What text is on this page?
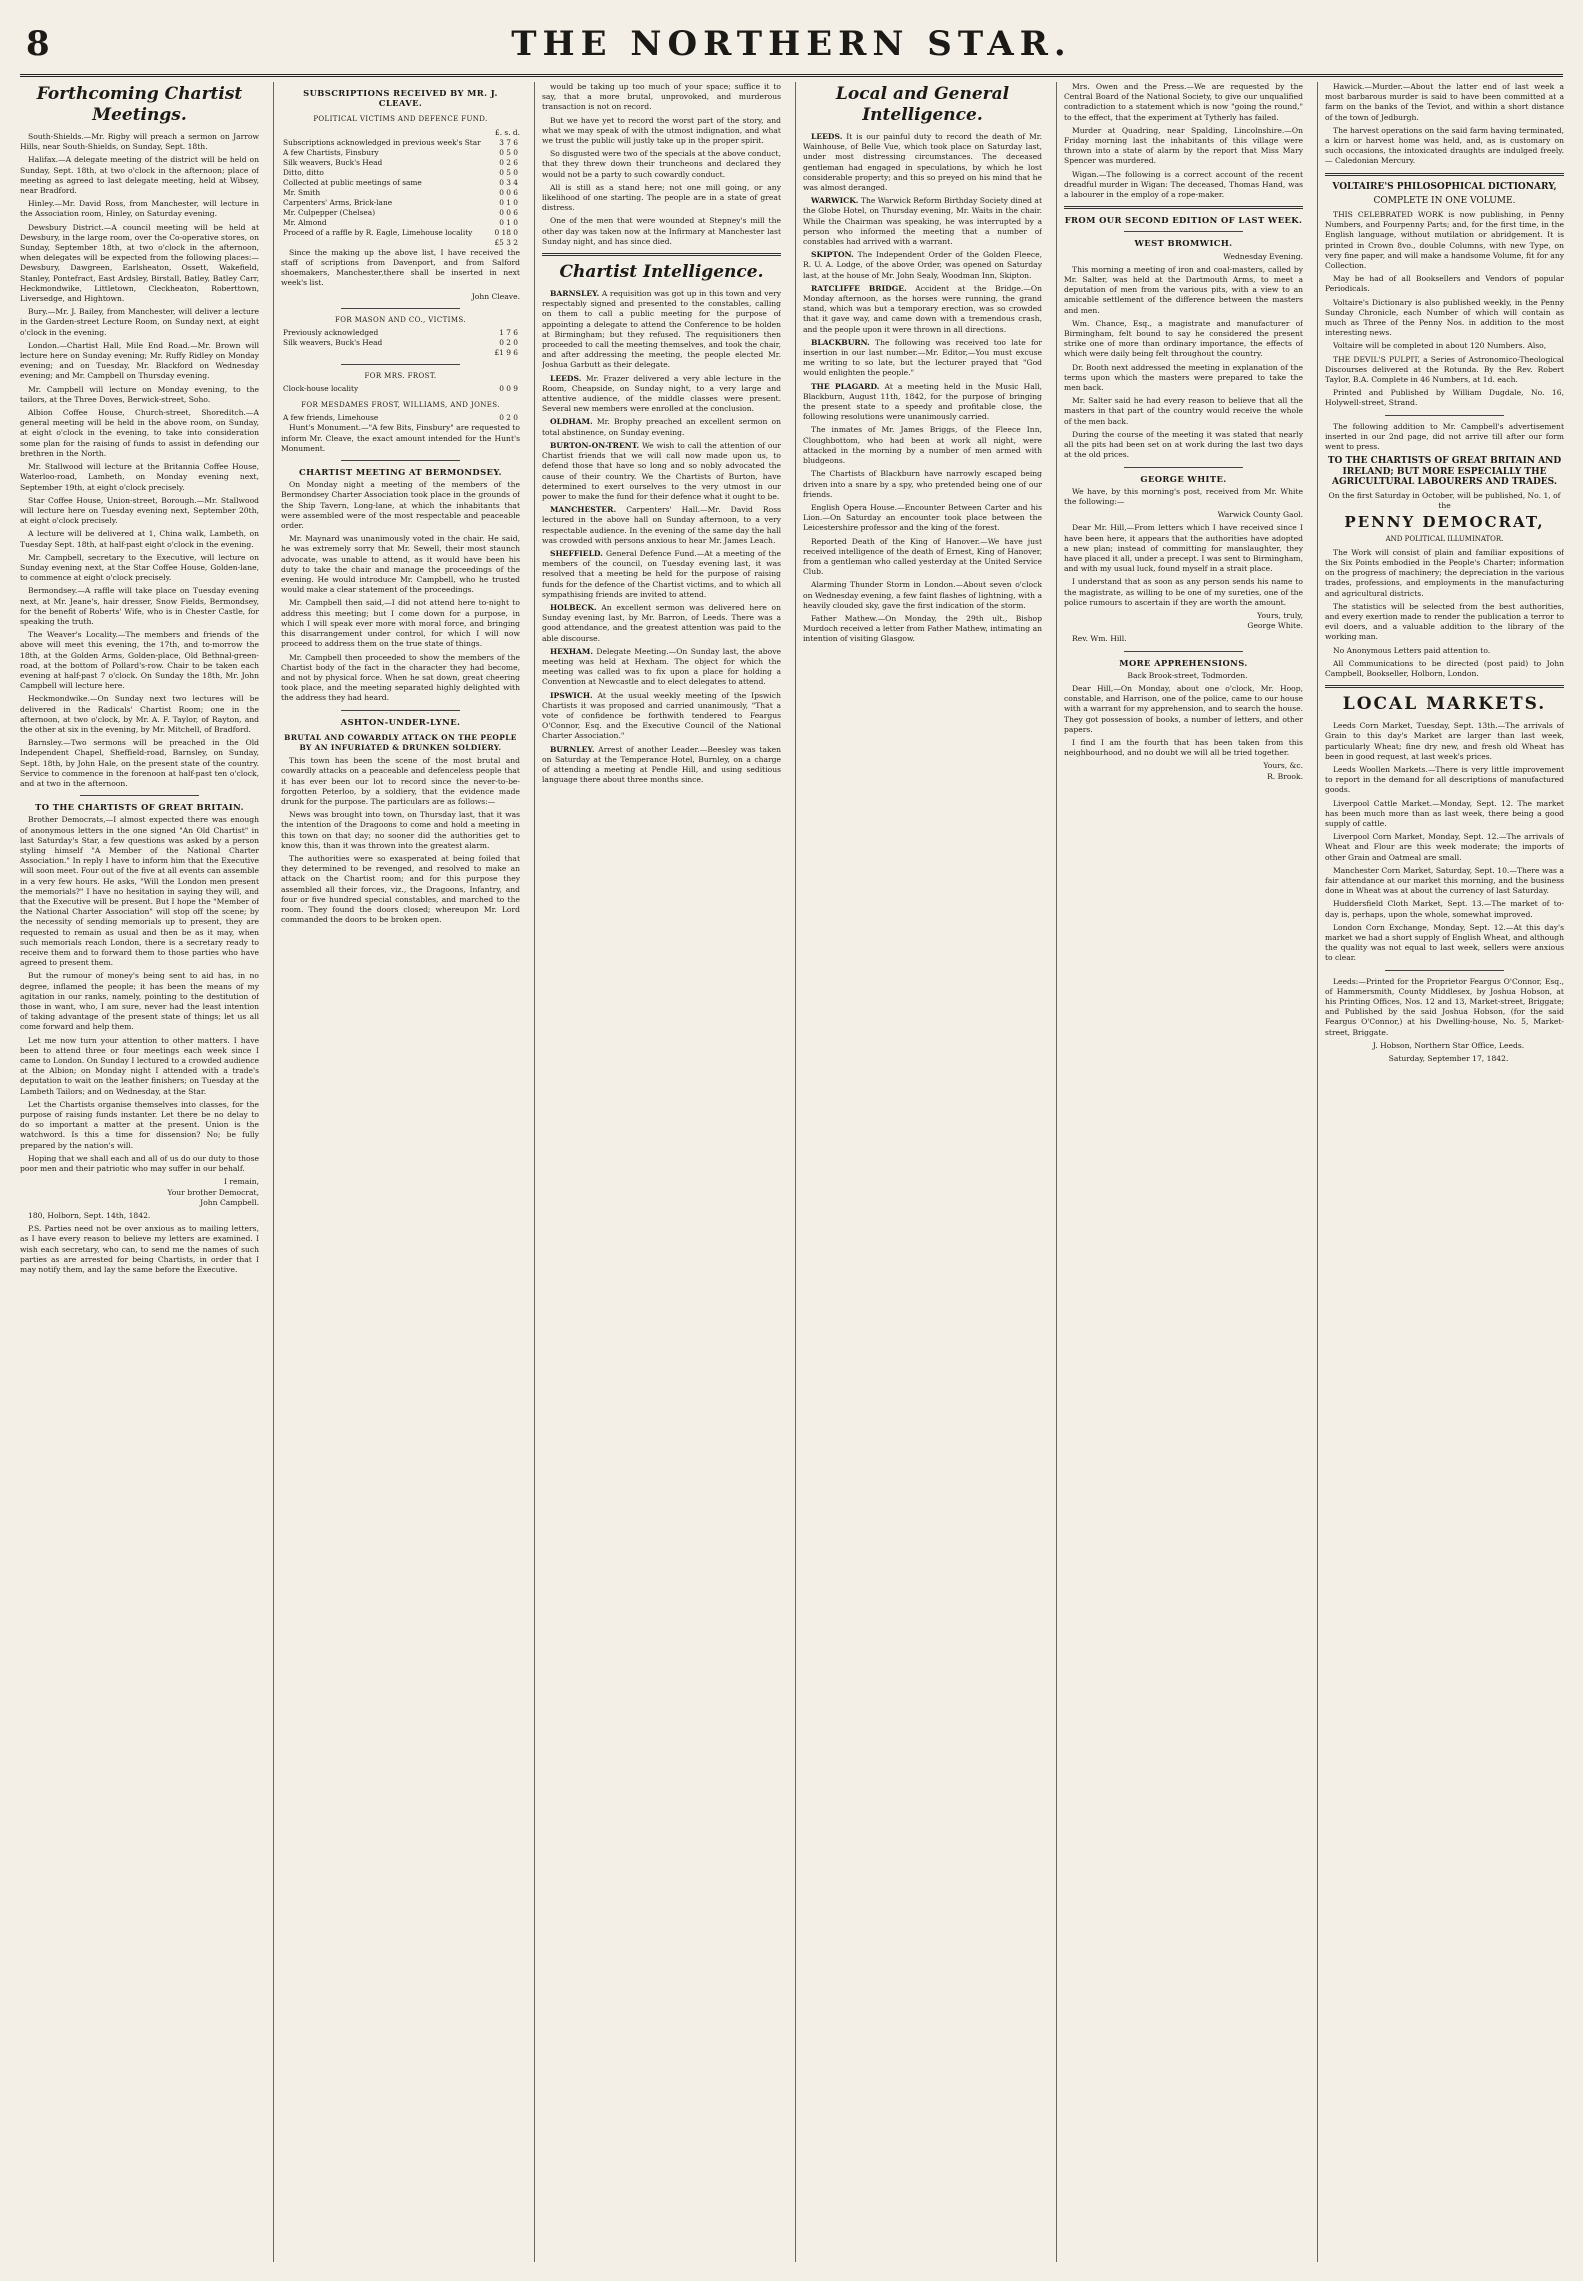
8	THE NORTHERN STAR.
Forthcoming Chartist Meetings.

South-Shields.—Mr. Rigby will preach a sermon on Jarrow Hills, near South-Shields, on Sunday, Sept. 18th.

Halifax.—A delegate meeting of the district will be held on Sunday, Sept. 18th, at two o'clock in the afternoon; place of meeting as agreed to last delegate meeting, held at Wibsey, near Bradford.

Hinley.—Mr. David Ross, from Manchester, will lecture in the Association room, Hinley, on Saturday evening.

Dewsbury District.—A council meeting will be held at Dewsbury, in the large room, over the Co-operative stores, on Sunday, September 18th, at two o'clock in the afternoon, when delegates will be expected from the following places:—Dewsbury, Dawgreen, Earlsheaton, Ossett, Wakefield, Stanley, Pontefract, East Ardsley, Birstall, Batley, Batley Carr, Heckmondwike, Littletown, Cleckheaton, Roberttown, Liversedge, and Hightown.

Bury.—Mr. J. Bailey, from Manchester, will deliver a lecture in the Garden-street Lecture Room, on Sunday next, at eight o'clock in the evening.

London.—Chartist Hall, Mile End Road.—Mr. Brown will lecture here on Sunday evening; Mr. Ruffy Ridley on Monday evening; and on Tuesday, Mr. Blackford on Wednesday evening; and Mr. Campbell on Thursday evening.

Mr. Campbell will lecture on Monday evening, to the tailors, at the Three Doves, Berwick-street, Soho.

Albion Coffee House, Church-street, Shoreditch.—A general meeting will be held in the above room, on Sunday, at eight o'clock in the evening, to take into consideration some plan for the raising of funds to assist in defending our brethren in the North.

Mr. Stallwood will lecture at the Britannia Coffee House, Waterloo-road, Lambeth, on Monday evening next, September 19th, at eight o'clock precisely.

Star Coffee House, Union-street, Borough.—Mr. Stallwood will lecture here on Tuesday evening next, September 20th, at eight o'clock precisely.

A lecture will be delivered at 1, China walk, Lambeth, on Tuesday Sept. 18th, at half-past eight o'clock in the evening.

Mr. Campbell, secretary to the Executive, will lecture on Sunday evening next, at the Star Coffee House, Golden-lane, to commence at eight o'clock precisely.

Bermondsey.—A raffle will take place on Tuesday evening next, at Mr. Jeane's, hair dresser, Snow Fields, Bermondsey, for the benefit of Roberts' Wife, who is in Chester Castle, for speaking the truth.

The Weaver's Locality.—The members and friends of the above will meet this evening, the 17th, and to-morrow the 18th, at the Golden Arms, Golden-place, Old Bethnal-green-road, at the bottom of Pollard's-row. Chair to be taken each evening at half-past 7 o'clock. On Sunday the 18th, Mr. John Campbell will lecture here.

Heckmondwike.—On Sunday next two lectures will be delivered in the Radicals' Chartist Room; one in the afternoon, at two o'clock, by Mr. A. F. Taylor, of Rayton, and the other at six in the evening, by Mr. Mitchell, of Bradford.

Barnsley.—Two sermons will be preached in the Old Independent Chapel, Sheffield-road, Barnsley, on Sunday, Sept. 18th, by John Hale, on the present state of the country. Service to commence in the forenoon at half-past ten o'clock, and at two in the afternoon.

TO THE CHARTISTS OF GREAT BRITAIN.

Brother Democrats,—I almost expected there was enough of anonymous letters in the one signed "An Old Chartist" in last Saturday's Star, a few questions was asked by a person styling himself "A Member of the National Charter Association." In reply I have to inform him that the Executive will soon meet. Four out of the five at all events can assemble in a very few hours. He asks, "Will the London men present the memorials?" I have no hesitation in saying they will, and that the Executive will be present. But I hope the "Member of the National Charter Association" will stop off the scene; by the necessity of sending memorials up to present, they are requested to remain as usual and then be as it may, when such memorials reach London, there is a secretary ready to receive them and to forward them to those parties who have agreed to present them.

But the rumour of money's being sent to aid has, in no degree, inflamed the people; it has been the means of my agitation in our ranks, namely, pointing to the destitution of those in want, who, I am sure, never had the least intention of taking advantage of the present state of things; let us all come forward and help them.

Let me now turn your attention to other matters. I have been to attend three or four meetings each week since I came to London. On Sunday I lectured to a crowded audience at the Albion; on Monday night I attended with a trade's deputation to wait on the leather finishers; on Tuesday at the Lambeth Tailors; and on Wednesday, at the Star.

Let the Chartists organise themselves into classes, for the purpose of raising funds instanter. Let there be no delay to do so important a matter at the present. Union is the watchword. Is this a time for dissension? No; be fully prepared by the nation's will.

Hoping that we shall each and all of us do our duty to those poor men and their patriotic who may suffer in our behalf.

I remain,
Your brother Democrat,
John Campbell.

180, Holborn, Sept. 14th, 1842.

P.S. Parties need not be over anxious as to mailing letters, as I have every reason to believe my letters are examined. I wish each secretary, who can, to send me the names of such parties as are arrested for being Chartists, in order that I may notify them, and lay the same before the Executive.

SUBSCRIPTIONS RECEIVED BY MR. J. CLEAVE.
POLITICAL VICTIMS AND DEFENCE FUND.
£. s. d.
Subscriptions acknowledged in previous week's Star	3 7 6
A few Chartists, Finsbury	0 5 0
Silk weavers, Buck's Head	0 2 6
Ditto, ditto	0 5 0
Collected at public meetings of same	0 3 4
Mr. Smith	0 0 6
Carpenters' Arms, Brick-lane	0 1 0
Mr. Culpepper (Chelsea)	0 0 6
Mr. Almond	0 1 0
Proceed of a raffle by R. Eagle, Limehouse locality	0 18 0
	£5 3 2

Since the making up the above list, I have received the staff of scriptions from Davenport, and from Salford shoemakers, Manchester,there shall be inserted in next week's list.

John Cleave.

FOR MASON AND CO., VICTIMS.
Previously acknowledged	1 7 6
Silk weavers, Buck's Head	0 2 0
	£1 9 6
FOR MRS. FROST.
Clock-house locality	0 0 9
FOR MESDAMES FROST, WILLIAMS, AND JONES.
A few friends, Limehouse	0 2 0

Hunt's Monument.—"A few Bits, Finsbury" are requested to inform Mr. Cleave, the exact amount intended for the Hunt's Monument.

CHARTIST MEETING AT BERMONDSEY.

On Monday night a meeting of the members of the Bermondsey Charter Association took place in the grounds of the Ship Tavern, Long-lane, at which the inhabitants that were assembled were of the most respectable and peaceable order.

Mr. Maynard was unanimously voted in the chair. He said, he was extremely sorry that Mr. Sewell, their most staunch advocate, was unable to attend, as it would have been his duty to take the chair and manage the proceedings of the evening. He would introduce Mr. Campbell, who he trusted would make a clear statement of the proceedings.

Mr. Campbell then said,—I did not attend here to-night to address this meeting; but I come down for a purpose, in which I will speak ever more with moral force, and bringing this disarrangement under control, for which I will now proceed to address them on the true state of things.

Mr. Campbell then proceeded to show the members of the Chartist body of the fact in the character they had become, and not by physical force. When he sat down, great cheering took place, and the meeting separated highly delighted with the address they had heard.

ASHTON-UNDER-LYNE.
BRUTAL AND COWARDLY ATTACK ON THE PEOPLE BY AN INFURIATED & DRUNKEN SOLDIERY.

This town has been the scene of the most brutal and cowardly attacks on a peaceable and defenceless people that it has ever been our lot to record since the never-to-be-forgotten Peterloo, by a soldiery, that the evidence made drunk for the purpose. The particulars are as follows:—

News was brought into town, on Thursday last, that it was the intention of the Dragoons to come and hold a meeting in this town on that day; no sooner did the authorities get to know this, than it was thrown into the greatest alarm.

The authorities were so exasperated at being foiled that they determined to be revenged, and resolved to make an attack on the Chartist room; and for this purpose they assembled all their forces, viz., the Dragoons, Infantry, and four or five hundred special constables, and marched to the room. They found the doors closed; whereupon Mr. Lord commanded the doors to be broken open.

would be taking up too much of your space; suffice it to say, that a more brutal, unprovoked, and murderous transaction is not on record.

But we have yet to record the worst part of the story, and what we may speak of with the utmost indignation, and what we trust the public will justly take up in the proper spirit.

So disgusted were two of the specials at the above conduct, that they threw down their truncheons and declared they would not be a party to such cowardly conduct.

All is still as a stand here; not one mill going, or any likelihood of one starting. The people are in a state of great distress.

One of the men that were wounded at Stepney's mill the other day was taken now at the Infirmary at Manchester last Sunday night, and has since died.

Chartist Intelligence.

BARNSLEY. A requisition was got up in this town and very respectably signed and presented to the constables, calling on them to call a public meeting for the purpose of appointing a delegate to attend the Conference to be holden at Birmingham; but they refused. The requisitioners then proceeded to call the meeting themselves, and took the chair, and after addressing the meeting, the people elected Mr. Joshua Garbutt as their delegate.

LEEDS. Mr. Frazer delivered a very able lecture in the Room, Cheapside, on Sunday night, to a very large and attentive audience, of the middle classes were present. Several new members were enrolled at the conclusion.

OLDHAM. Mr. Brophy preached an excellent sermon on total abstinence, on Sunday evening.

BURTON-ON-TRENT. We wish to call the attention of our Chartist friends that we will call now made upon us, to defend those that have so long and so nobly advocated the cause of their country. We the Chartists of Burton, have determined to exert ourselves to the very utmost in our power to make the fund for their defence what it ought to be.

MANCHESTER. Carpenters' Hall.—Mr. David Ross lectured in the above hall on Sunday afternoon, to a very respectable audience. In the evening of the same day the hall was crowded with persons anxious to hear Mr. James Leach.

SHEFFIELD. General Defence Fund.—At a meeting of the members of the council, on Tuesday evening last, it was resolved that a meeting be held for the purpose of raising funds for the defence of the Chartist victims, and to which all sympathising friends are invited to attend.

HOLBECK. An excellent sermon was delivered here on Sunday evening last, by Mr. Barron, of Leeds. There was a good attendance, and the greatest attention was paid to the able discourse.

HEXHAM. Delegate Meeting.—On Sunday last, the above meeting was held at Hexham. The object for which the meeting was called was to fix upon a place for holding a Convention at Newcastle and to elect delegates to attend.

IPSWICH. At the usual weekly meeting of the Ipswich Chartists it was proposed and carried unanimously, "That a vote of confidence be forthwith tendered to Feargus O'Connor, Esq. and the Executive Council of the National Charter Association."

BURNLEY. Arrest of another Leader.—Beesley was taken on Saturday at the Temperance Hotel, Burnley, on a charge of attending a meeting at Pendle Hill, and using seditious language there about three months since.

Local and General Intelligence.

LEEDS. It is our painful duty to record the death of Mr. Wainhouse, of Belle Vue, which took place on Saturday last, under most distressing circumstances. The deceased gentleman had engaged in speculations, by which he lost considerable property; and this so preyed on his mind that he was almost deranged.

WARWICK. The Warwick Reform Birthday Society dined at the Globe Hotel, on Thursday evening, Mr. Waits in the chair. While the Chairman was speaking, he was interrupted by a person who informed the meeting that a number of constables had arrived with a warrant.

SKIPTON. The Independent Order of the Golden Fleece, R. U. A. Lodge, of the above Order, was opened on Saturday last, at the house of Mr. John Sealy, Woodman Inn, Skipton.

RATCLIFFE BRIDGE. Accident at the Bridge.—On Monday afternoon, as the horses were running, the grand stand, which was but a temporary erection, was so crowded that it gave way, and came down with a tremendous crash, and the people upon it were thrown in all directions.

BLACKBURN. The following was received too late for insertion in our last number.—Mr. Editor,—You must excuse me writing to so late, but the lecturer prayed that "God would enlighten the people."

THE PLAGARD. At a meeting held in the Music Hall, Blackburn, August 11th, 1842, for the purpose of bringing the present state to a speedy and profitable close, the following resolutions were unanimously carried.

The inmates of Mr. James Briggs, of the Fleece Inn, Cloughbottom, who had been at work all night, were attacked in the morning by a number of men armed with bludgeons.

The Chartists of Blackburn have narrowly escaped being driven into a snare by a spy, who pretended being one of our friends.

English Opera House.—Encounter Between Carter and his Lion.—On Saturday an encounter took place between the Leicestershire professor and the king of the forest.

Reported Death of the King of Hanover.—We have just received intelligence of the death of Ernest, King of Hanover, from a gentleman who called yesterday at the United Service Club.

Alarming Thunder Storm in London.—About seven o'clock on Wednesday evening, a few faint flashes of lightning, with a heavily clouded sky, gave the first indication of the storm.

Father Mathew.—On Monday, the 29th ult., Bishop Murdoch received a letter from Father Mathew, intimating an intention of visiting Glasgow.

Mrs. Owen and the Press.—We are requested by the Central Board of the National Society, to give our unqualified contradiction to a statement which is now "going the round," to the effect, that the experiment at Tytherly has failed.

Murder at Quadring, near Spalding, Lincolnshire.—On Friday morning last the inhabitants of this village were thrown into a state of alarm by the report that Miss Mary Spencer was murdered.

Wigan.—The following is a correct account of the recent dreadful murder in Wigan: The deceased, Thomas Hand, was a labourer in the employ of a rope-maker.

FROM OUR SECOND EDITION OF LAST WEEK.
WEST BROMWICH.

Wednesday Evening.

This morning a meeting of iron and coal-masters, called by Mr. Salter, was held at the Dartmouth Arms, to meet a deputation of men from the various pits, with a view to an amicable settlement of the difference between the masters and men.

Wm. Chance, Esq., a magistrate and manufacturer of Birmingham, felt bound to say he considered the present strike one of more than ordinary importance, the effects of which were daily being felt throughout the country.

Dr. Booth next addressed the meeting in explanation of the terms upon which the masters were prepared to take the men back.

Mr. Salter said he had every reason to believe that all the masters in that part of the country would receive the whole of the men back.

During the course of the meeting it was stated that nearly all the pits had been set on at work during the last two days at the old prices.

GEORGE WHITE.

We have, by this morning's post, received from Mr. White the following:—

Warwick County Gaol.

Dear Mr. Hill,—From letters which I have received since I have been here, it appears that the authorities have adopted a new plan; instead of committing for manslaughter, they have placed it all, under a precept. I was sent to Birmingham, and with my usual luck, found myself in a strait place.

I understand that as soon as any person sends his name to the magistrate, as willing to be one of my sureties, one of the police rumours to ascertain if they are worth the amount.

Yours, truly,
George White.

Rev. Wm. Hill.

MORE APPREHENSIONS.

Back Brook-street, Todmorden.

Dear Hill,—On Monday, about one o'clock, Mr. Hoop, constable, and Harrison, one of the police, came to our house with a warrant for my apprehension, and to search the house. They got possession of books, a number of letters, and other papers.

I find I am the fourth that has been taken from this neighbourhood, and no doubt we will all be tried together.

Yours, &c.
R. Brook.

Hawick.—Murder.—About the latter end of last week a most barbarous murder is said to have been committed at a farm on the banks of the Teviot, and within a short distance of the town of Jedburgh.

The harvest operations on the said farm having terminated, a kirn or harvest home was held, and, as is customary on such occasions, the intoxicated draughts are indulged freely. — Caledonian Mercury.

VOLTAIRE'S PHILOSOPHICAL DICTIONARY,
COMPLETE IN ONE VOLUME.

THIS CELEBRATED WORK is now publishing, in Penny Numbers, and Fourpenny Parts; and, for the first time, in the English language, without mutilation or abridgement. It is printed in Crown 8vo., double Columns, with new Type, on very fine paper, and will make a handsome Volume, fit for any Collection.

May be had of all Booksellers and Vendors of popular Periodicals.

Voltaire's Dictionary is also published weekly, in the Penny Sunday Chronicle, each Number of which will contain as much as Three of the Penny Nos. in addition to the most interesting news.

Voltaire will be completed in about 120 Numbers. Also,

THE DEVIL'S PULPIT, a Series of Astronomico-Theological Discourses delivered at the Rotunda. By the Rev. Robert Taylor, B.A. Complete in 46 Numbers, at 1d. each.

Printed and Published by William Dugdale, No. 16, Holywell-street, Strand.

The following addition to Mr. Campbell's advertisement inserted in our 2nd page, did not arrive till after our form went to press.

TO THE CHARTISTS OF GREAT BRITAIN AND IRELAND; BUT MORE ESPECIALLY THE AGRICULTURAL LABOURERS AND TRADES.

On the first Saturday in October, will be published, No. 1, of the

PENNY DEMOCRAT,
AND POLITICAL ILLUMINATOR.

The Work will consist of plain and familiar expositions of the Six Points embodied in the People's Charter; information on the progress of machinery; the depreciation in the various trades, professions, and employments in the manufacturing and agricultural districts.

The statistics will be selected from the best authorities, and every exertion made to render the publication a terror to evil doers, and a valuable addition to the library of the working man.

No Anonymous Letters paid attention to.

All Communications to be directed (post paid) to John Campbell, Bookseller, Holborn, London.

LOCAL MARKETS.

Leeds Corn Market, Tuesday, Sept. 13th.—The arrivals of Grain to this day's Market are larger than last week, particularly Wheat; fine dry new, and fresh old Wheat has been in good request, at last week's prices.

Leeds Woollen Markets.—There is very little improvement to report in the demand for all descriptions of manufactured goods.

Liverpool Cattle Market.—Monday, Sept. 12. The market has been much more than as last week, there being a good supply of cattle.

Liverpool Corn Market, Monday, Sept. 12.—The arrivals of Wheat and Flour are this week moderate; the imports of other Grain and Oatmeal are small.

Manchester Corn Market, Saturday, Sept. 10.—There was a fair attendance at our market this morning, and the business done in Wheat was at about the currency of last Saturday.

Huddersfield Cloth Market, Sept. 13.—The market of to-day is, perhaps, upon the whole, somewhat improved.

London Corn Exchange, Monday, Sept. 12.—At this day's market we had a short supply of English Wheat, and although the quality was not equal to last week, sellers were anxious to clear.

Leeds:—Printed for the Proprietor Feargus O'Connor, Esq., of Hammersmith, County Middlesex, by Joshua Hobson, at his Printing Offices, Nos. 12 and 13, Market-street, Briggate; and Published by the said Joshua Hobson, (for the said Feargus O'Connor,) at his Dwelling-house, No. 5, Market-street, Briggate.

J. Hobson, Northern Star Office, Leeds.

Saturday, September 17, 1842.
